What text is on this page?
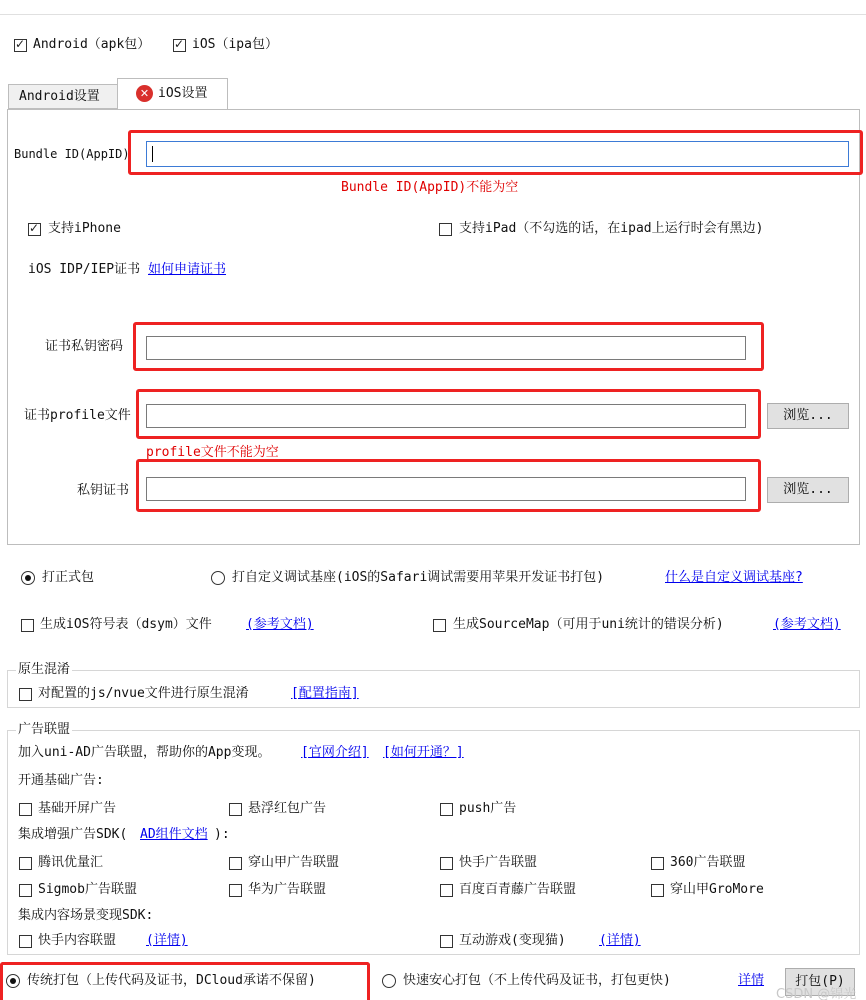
✓
Android（apk包）
✓	iOS（ipa包）
Android设置	✕ iOS设置
Bundle ID(AppID)
Bundle ID(AppID)不能为空
✓
支持iPhone	支持iPad（不勾选的话，在ipad上运行时会有黑边)
iOS IDP/IEP证书 如何申请证书
证书私钥密码
证书profile文件	浏览...
profile文件不能为空
私钥证书	浏览...
打正式包	打自定义调试基座(iOS的Safari调试需要用苹果开发证书打包)	什么是自定义调试基座?
生成iOS符号表（dsym）文件	(参考文档)	生成SourceMap（可用于uni统计的错误分析)	(参考文档)
原生混淆
对配置的js/nvue文件进行原生混淆	[配置指南]
广告联盟
加入uni-AD广告联盟，帮助你的App变现。 [官网介绍] [如何开通？]
开通基础广告:
基础开屏广告	悬浮红包广告	push广告
集成增强广告SDK( AD组件文档 ):
腾讯优量汇	穿山甲广告联盟	快手广告联盟	360广告联盟
Sigmob广告联盟	华为广告联盟	百度百青藤广告联盟	穿山甲GroMore
集成内容场景变现SDK:
快手内容联盟 (详情)	互动游戏(变现猫)	(详情)
传统打包（上传代码及证书，DCloud承诺不保留)	快速安心打包（不上传代码及证书，打包更快)	详情	打包(P)
CSDN @锦光
